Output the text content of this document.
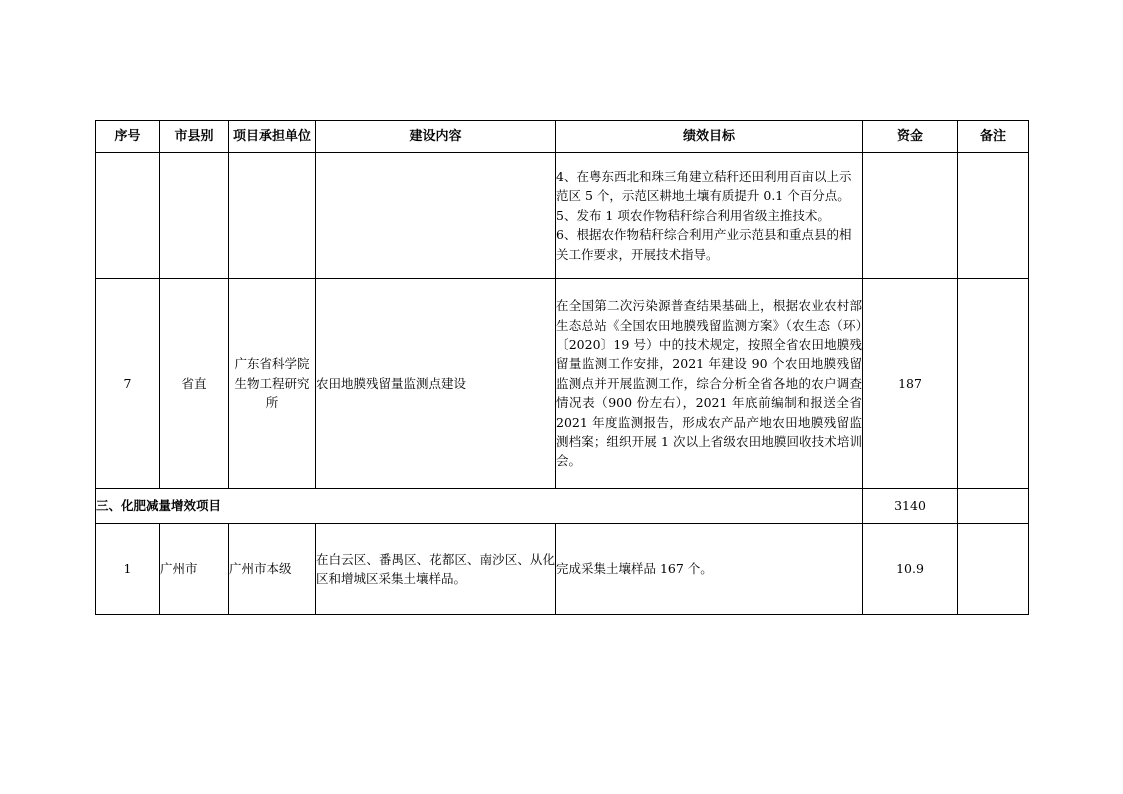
序号	市县别	项目承担单位	建设内容	绩效目标	资金	备注

				4、在粤东西北和珠三角建立秸秆还田利用百亩以上示范区 5 个，示范区耕地土壤有质提升 0.1 个百分点。
5、发布 1 项农作物秸秆综合利用省级主推技术。
6、根据农作物秸秆综合利用产业示范县和重点县的相关工作要求，开展技术指导。		

7	省直	广东省科学院生物工程研究所	农田地膜残留量监测点建设	在全国第二次污染源普查结果基础上，根据农业农村部生态总站《全国农田地膜残留监测方案》（农生态（环）〔2020〕19 号）中的技术规定，按照全省农田地膜残留量监测工作安排，2021 年建设 90 个农田地膜残留监测点并开展监测工作，综合分析全省各地的农户调查情况表（900 份左右），2021 年底前编制和报送全省 2021 年度监测报告，形成农产品产地农田地膜残留监测档案；组织开展 1 次以上省级农田地膜回收技术培训会。	187	
三、化肥减量增效项目					3140	
1	广州市	广州市本级	在白云区、番禺区、花都区、南沙区、从化区和增城区采集土壤样品。	完成采集土壤样品 167 个。	10.9	
